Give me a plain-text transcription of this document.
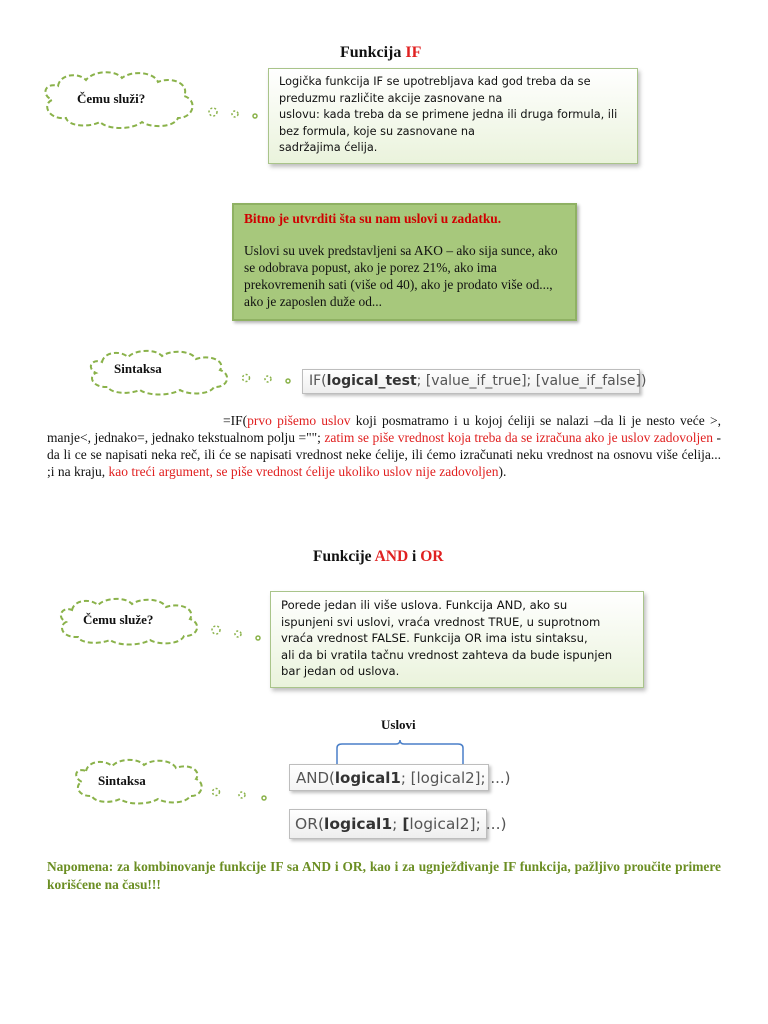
Funkcija IF
Čemu služi?

Logička funkcija IF se upotrebljava kad god treba da se

preduzmu različite akcije zasnovane na

uslovu: kada treba da se primene jedna ili druga formula, ili

bez formula, koje su zasnovane na

sadržajima ćelija.

Bitno je utvrditi šta su nam uslovi u zadatku.

Uslovi su uvek predstavljeni sa AKO – ako sija sunce, ako se odobrava popust, ako je porez 21%, ako ima prekovremenih sati (više od 40), ako je prodato više od..., ako je zaposlen duže od...

Sintaksa
IF(logical_test; [value_if_true]; [value_if_false])
=IF(prvo pišemo uslov koji posmatramo i u kojoj ćeliji se nalazi –da li je nesto veće >, manje<, jednako=, jednako tekstualnom polju =""; zatim se piše vrednost koja treba da se izračuna ako je uslov zadovoljen - da li ce se napisati neka reč, ili će se napisati vrednost neke ćelije, ili ćemo izračunati neku vrednost na osnovu više ćelija... ;i na kraju, kao treći argument, se piše vrednost ćelije ukoliko uslov nije zadovoljen).
Funkcije AND i OR
Čemu služe?

Porede jedan ili više uslova. Funkcija AND, ako su

ispunjeni svi uslovi, vraća vrednost TRUE, u suprotnom

vraća vrednost FALSE. Funkcija OR ima istu sintaksu,

ali da bi vratila tačnu vrednost zahteva da bude ispunjen

bar jedan od uslova.

Uslovi
Sintaksa	AND(logical1; [logical2]; ...)
OR(logical1; [logical2]; ...)
Napomena: za kombinovanje funkcije IF sa AND i OR, kao i za ugnježđivanje IF funkcija, pažljivo proučite primere korišćene na času!!!
